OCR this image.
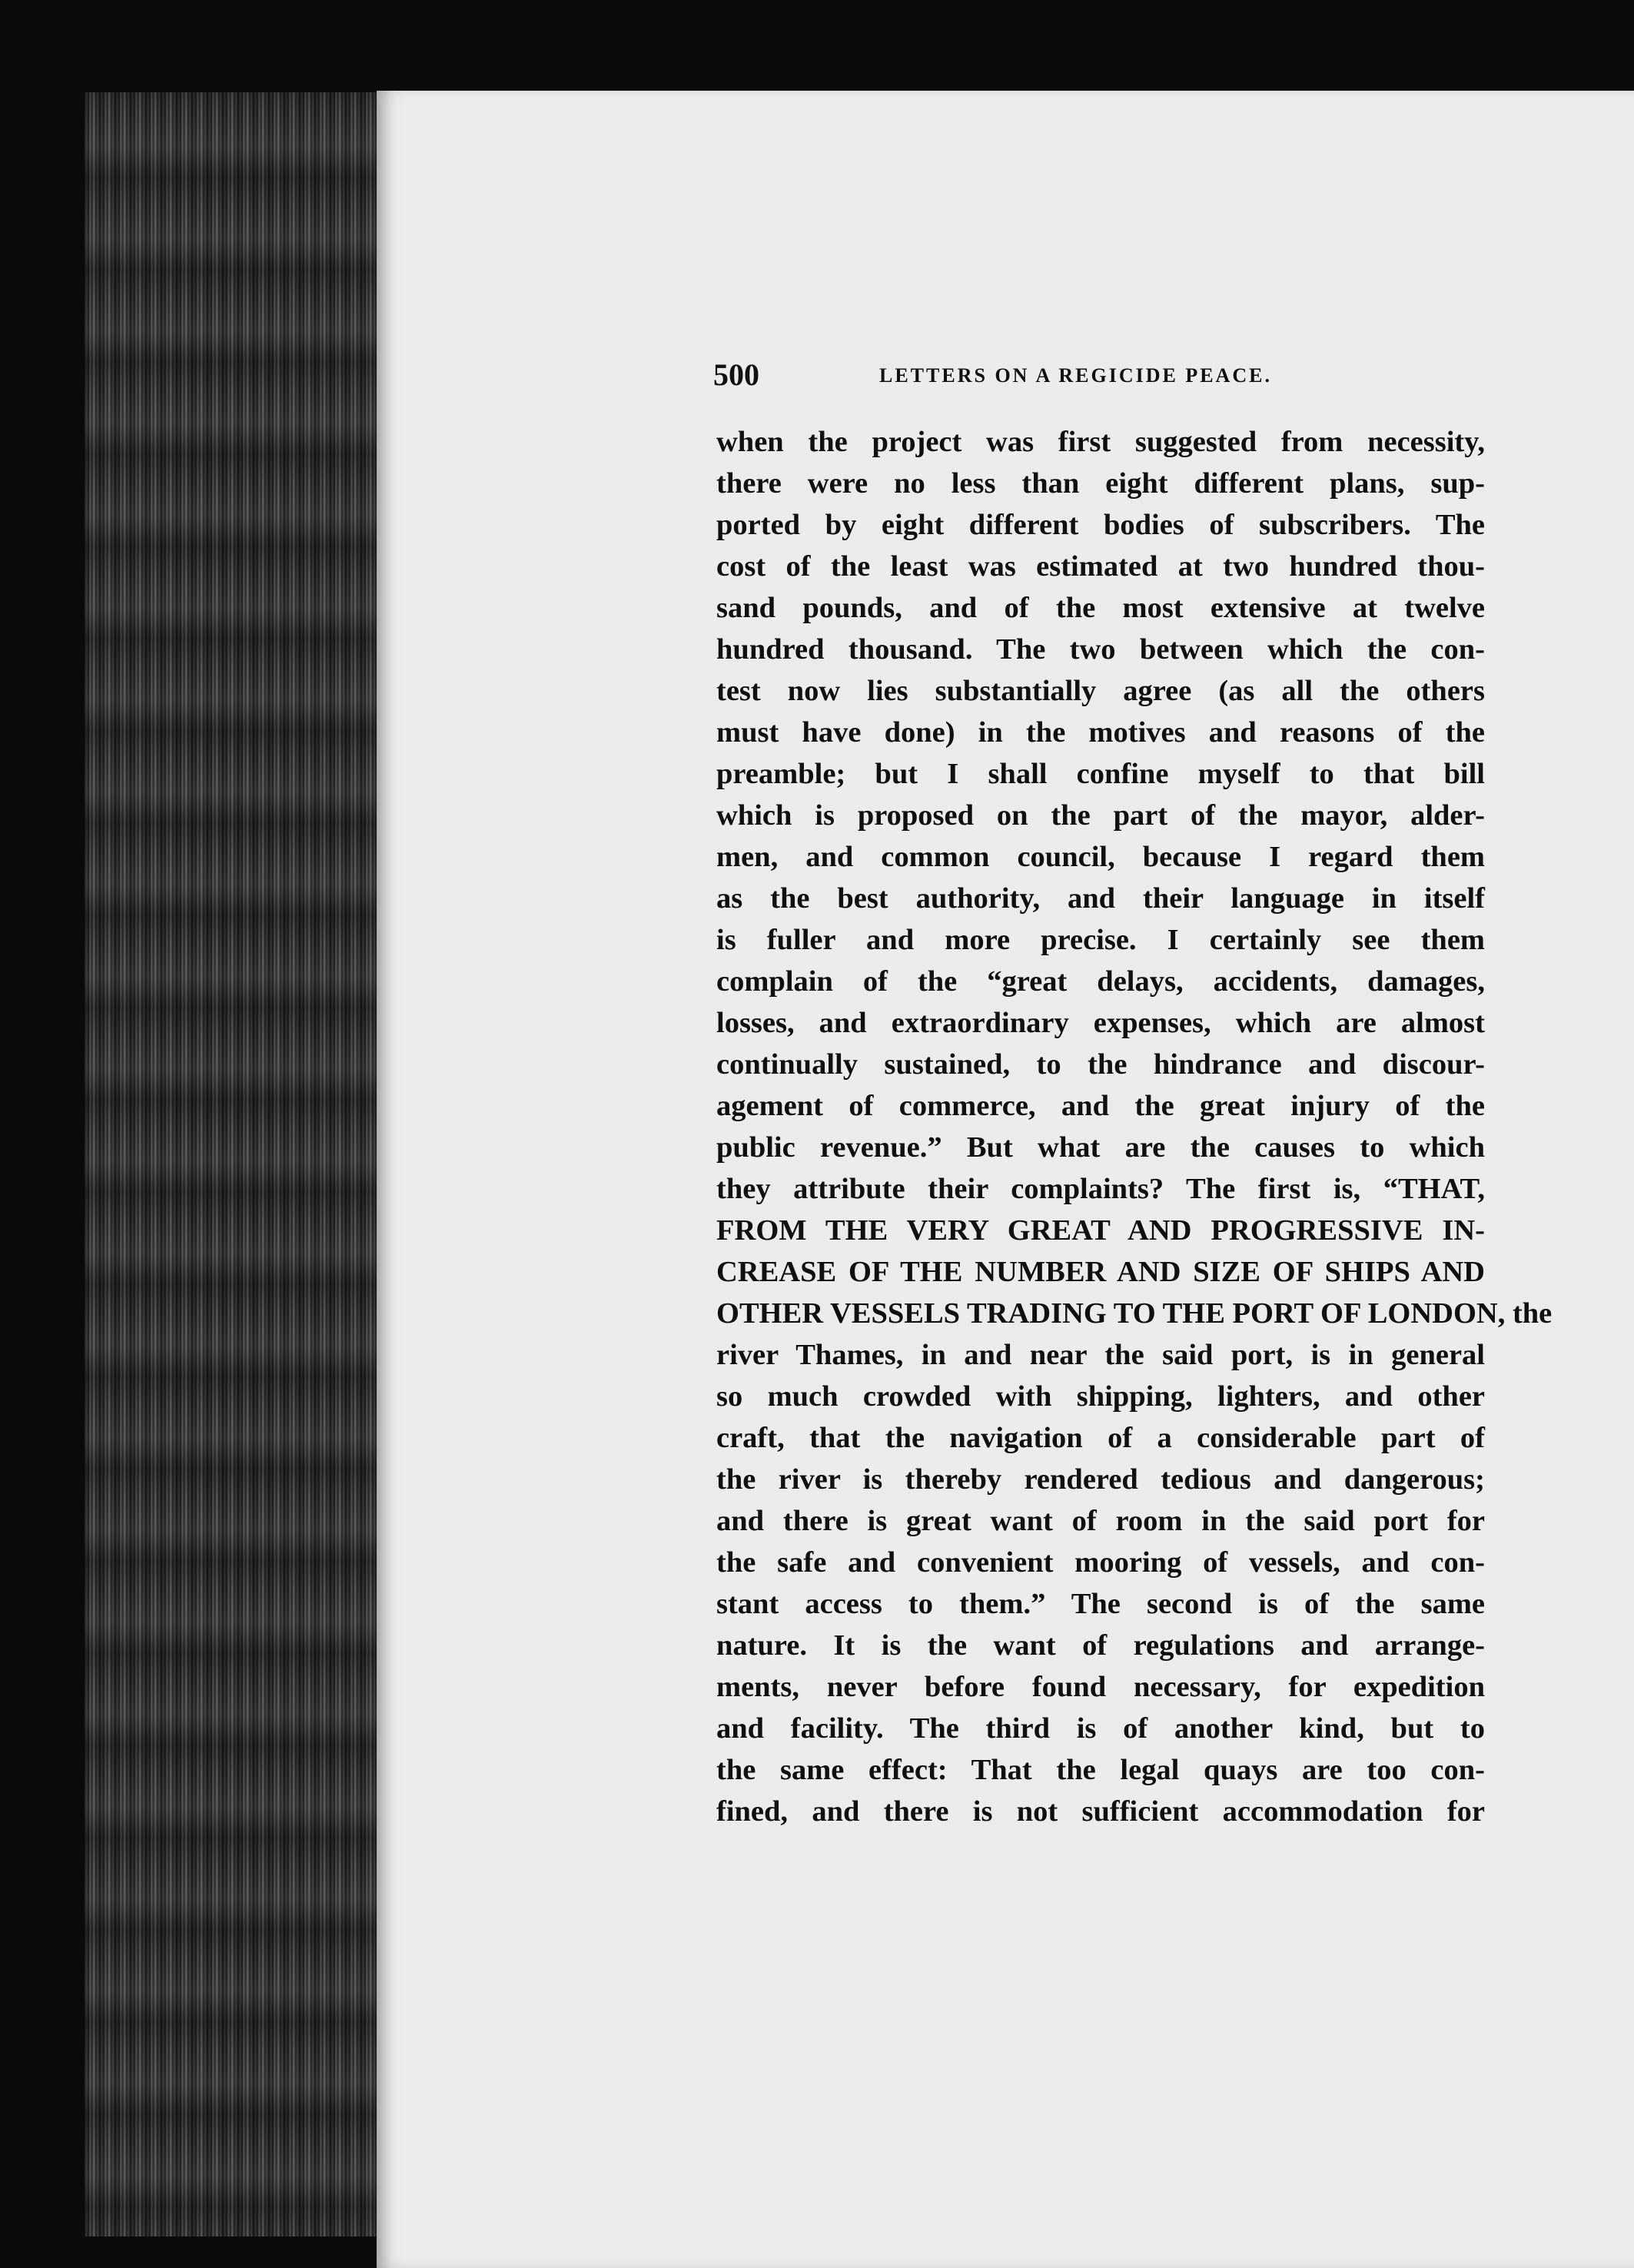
500	LETTERS ON A REGICIDE PEACE.
when the project was first suggested from necessity,
there were no less than eight different plans, sup-
ported by eight different bodies of subscribers. The
cost of the least was estimated at two hundred thou-
sand pounds, and of the most extensive at twelve
hundred thousand. The two between which the con-
test now lies substantially agree (as all the others
must have done) in the motives and reasons of the
preamble; but I shall confine myself to that bill
which is proposed on the part of the mayor, alder-
men, and common council, because I regard them
as the best authority, and their language in itself
is fuller and more precise. I certainly see them
complain of the “great delays, accidents, damages,
losses, and extraordinary expenses, which are almost
continually sustained, to the hindrance and discour-
agement of commerce, and the great injury of the
public revenue.” But what are the causes to which
they attribute their complaints? The first is, “THAT,
FROM THE VERY GREAT AND PROGRESSIVE IN-
CREASE OF THE NUMBER AND SIZE OF SHIPS AND
OTHER VESSELS TRADING TO THE PORT OF LONDON, the
river Thames, in and near the said port, is in general
so much crowded with shipping, lighters, and other
craft, that the navigation of a considerable part of
the river is thereby rendered tedious and dangerous;
and there is great want of room in the said port for
the safe and convenient mooring of vessels, and con-
stant access to them.” The second is of the same
nature. It is the want of regulations and arrange-
ments, never before found necessary, for expedition
and facility. The third is of another kind, but to
the same effect: That the legal quays are too con-
fined, and there is not sufficient accommodation for
